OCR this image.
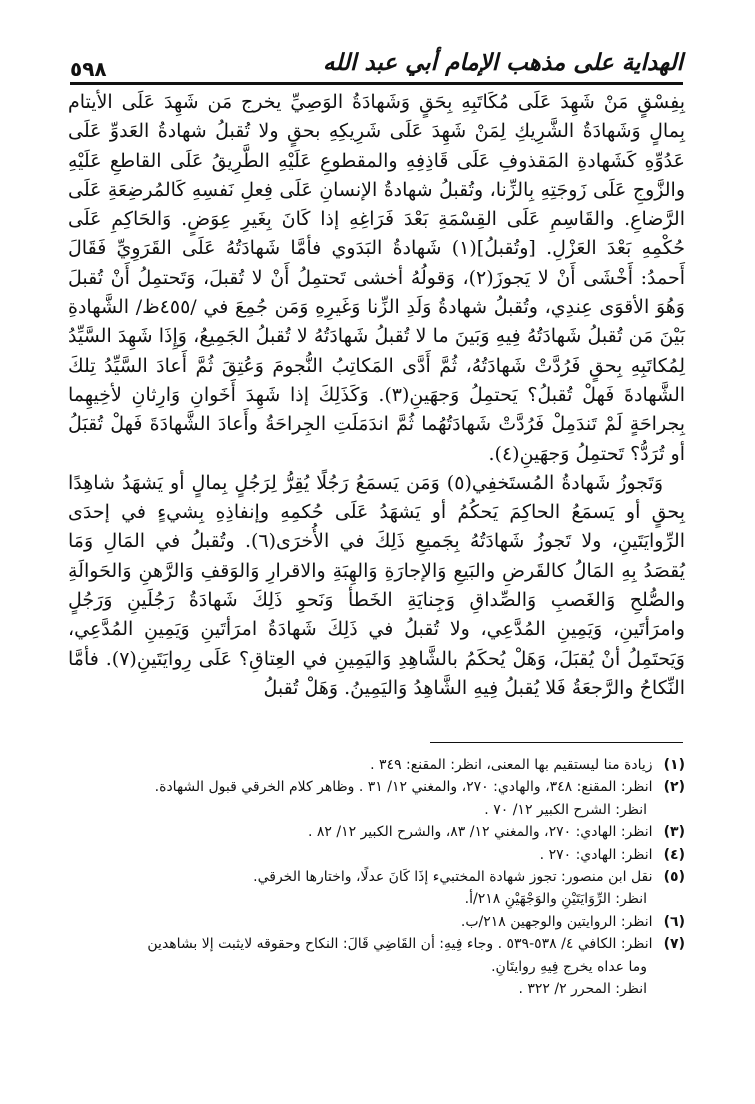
الهداية على مذهب الإمام أبي عبد الله
٥٩٨

بِفِسْقٍ مَنْ شَهِدَ عَلَى مُكَاتَبِهِ بِحَقٍ وَشَهادَةُ الوَصِيِّ يخرج مَن شَهِدَ عَلَى الأيتام بِمالٍ وَشَهادَةُ الشَّرِيكِ لِمَنْ شَهِدَ عَلَى شَرِيكِهِ بحقٍ ولا تُقبلُ شهادةُ العَدوِّ عَلَى عَدُوِّهِ كَشَهادةِ المَقذوفِ عَلَى قَاذِفِهِ والمقطوعِ عَلَيْهِ الطَّرِيقُ عَلَى القاطعِ عَلَيْهِ والزَّوجِ عَلَى زَوجَتِهِ بِالزِّنا، وتُقبلُ شهادةُ الإنسانِ عَلَى فِعلِ نَفسِهِ كَالمُرضِعَةِ عَلَى الرَّضاعِ. والقَاسِمِ عَلَى القِسْمَةِ بَعْدَ فَرَاغِهِ إذا كَانَ بِغَيرِ عِوَضٍ. وَالحَاكِمِ عَلَى حُكْمِهِ بَعْدَ العَزْلِ. [وتُقبلُ](١) شَهادةُ البَدَوي فأمَّا شَهادَتُهُ عَلَى القَرَوِيِّ فَقَالَ أَحمدُ: أَخْشَى أَنْ لا يَجوزَ(٢)، وَقولُهُ أخشى تَحتمِلُ أَنْ لا تُقبلَ، وَتَحتمِلُ أَنْ تُقبلَ وَهُوَ الأقوَى عِندِي، وتُقبلُ شهادةُ وَلَدِ الزِّنا وَغَيرِهِ وَمَن جُمِعَ في /٤٥٥ظ/ الشَّهادةِ بَيْنَ مَن تُقبلُ شَهادَتُهُ فِيهِ وَبَينَ ما لا تُقبلُ شَهادَتُهُ لا تُقبلُ الجَمِيعُ، وَإِذَا شَهِدَ السَّيِّدُ لِمُكاتَبِهِ بِحقٍ فَرُدَّتْ شَهادَتُهُ، ثُمَّ أَدَّى المَكاتِبُ النُّجومَ وَعُتِقَ ثُمَّ أَعادَ السَّيِّدُ تِلكَ الشَّهادةَ فَهلْ تُقبلُ؟ يَحتمِلُ وَجهَينِ(٣). وَكَذَلِكَ إذا شَهِدَ أَخَوانِ وَارِثانِ لأخِيهِما بِجراحَةٍ لَمْ تَندَمِلْ فَرُدَّتْ شَهادَتُهُما ثُمَّ اندَمَلَتِ الجِراحَةُ وأَعادَ الشَّهادَةَ فَهلْ تُقبَلُ أو تُرَدُّ؟ تَحتمِلُ وَجهَينِ(٤).

وَتَجوزُ شَهادةُ المُستَخفِي(٥) وَمَن يَسمَعُ رَجُلًا يُقِرُّ لِرَجُلٍ بِمالٍ أو يَشهَدُ شاهِدًا بِحقٍ أو يَسمَعُ الحاكِمَ يَحكُمُ أو يَشهَدُ عَلَى حُكمِهِ وإنفاذِهِ بِشيءٍ في إحدَى الرِّوايَتَينِ، ولا تَجوزُ شَهادَتُهُ بِجَميعِ ذَلِكَ في الأُخرَى(٦). وتُقبلُ في المَالِ وَمَا يُقصَدُ بِهِ المَالُ كالقَرضِ والبَيعِ وَالإجارَةِ وَالهِبَةِ والاقرارِ وَالوَقفِ وَالرَّهنِ وَالحَوالَةِ والصُّلحِ وَالغَصبِ وَالصِّداقِ وَجِنايَةِ الخَطأ وَنَحوِ ذَلِكَ شَهادَةُ رَجُلَينِ وَرَجُلٍ وامرَأتَينِ، وَيَمِينِ المُدَّعِي، ولا تُقبلُ في ذَلِكَ شَهادَةُ امرَأتَينِ وَيَمِينِ المُدَّعِي، وَيَحتَمِلُ أنْ يُقبَلَ، وَهَلْ يُحكَمُ بالشَّاهِدِ وَاليَمِينِ في العِتاقِ؟ عَلَى رِوايَتَينِ(٧). فأمَّا النِّكاحُ والرَّجعَةُ فَلا يُقبلُ فِيهِ الشَّاهِدُ وَاليَمِينُ. وَهَلْ تُقبلُ

(١) زيادة منا ليستقيم بها المعنى، انظر: المقنع: ٣٤٩ .
(٢) انظر: المقنع: ٣٤٨، والهادي: ٢٧٠، والمغني ١٢/ ٣١ . وظاهر كلام الخرقي قبول الشهادة.
انظر: الشرح الكبير ١٢/ ٧٠ .
(٣) انظر: الهادي: ٢٧٠، والمغني ١٢/ ٨٣، والشرح الكبير ١٢/ ٨٢ .
(٤) انظر: الهادي: ٢٧٠ .
(٥) نقل ابن منصور: تجوز شهادة المختبيء إذَا كَانَ عدلًا، واختارها الخرقي.
انظر: الرِّوَايَتَيْنِ والوَجْهَيْنِ ٢١٨/أ.
(٦) انظر: الروايتين والوجهين ٢١٨/ب.
(٧) انظر: الكافي ٤/ ٥٣٨-٥٣٩ . وجاء فِيهِ: أن القَاضِي قَالَ: النكاح وحقوقه لايثبت إلا بشاهدين
وما عداه يخرج فِيهِ روايتَانِ.
انظر: المحرر ٢/ ٣٢٢ .
